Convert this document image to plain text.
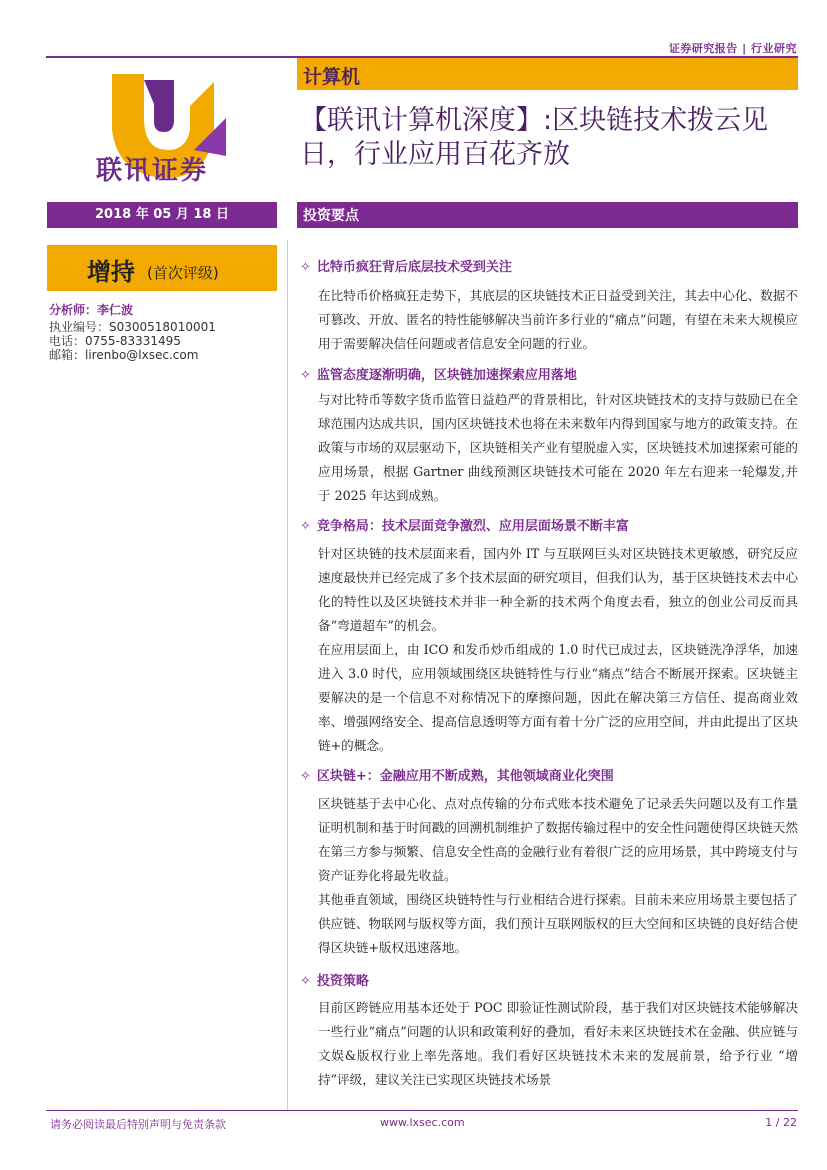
证券研究报告 | 行业研究
联讯证券
计算机
【联讯计算机深度】:区块链技术拨云见日，行业应用百花齐放
2018 年 05 月 18 日	投资要点
增持 (首次评级)
分析师：李仁波
执业编号：S0300518010001
电话：0755-83331495
邮箱：lirenbo@lxsec.com
✧ 比特币疯狂背后底层技术受到关注
在比特币价格疯狂走势下，其底层的区块链技术正日益受到关注，其去中心化、数据不可篡改、开放、匿名的特性能够解决当前许多行业的“痛点“问题，有望在未来大规模应用于需要解决信任问题或者信息安全问题的行业。
✧ 监管态度逐渐明确，区块链加速探索应用落地
与对比特币等数字货币监管日益趋严的背景相比，针对区块链技术的支持与鼓励已在全球范围内达成共识，国内区块链技术也将在未来数年内得到国家与地方的政策支持。在政策与市场的双层驱动下，区块链相关产业有望脱虚入实，区块链技术加速探索可能的应用场景，根据 Gartner 曲线预测区块链技术可能在 2020 年左右迎来一轮爆发,并于 2025 年达到成熟。
✧ 竞争格局：技术层面竞争激烈、应用层面场景不断丰富
针对区块链的技术层面来看，国内外 IT 与互联网巨头对区块链技术更敏感，研究反应速度最快并已经完成了多个技术层面的研究项目，但我们认为，基于区块链技术去中心化的特性以及区块链技术并非一种全新的技术两个角度去看，独立的创业公司反而具备“弯道超车”的机会。
在应用层面上，由 ICO 和发币炒币组成的 1.0 时代已成过去，区块链洗净浮华，加速进入 3.0 时代，应用领域围绕区块链特性与行业“痛点”结合不断展开探索。区块链主要解决的是一个信息不对称情况下的摩擦问题，因此在解决第三方信任、提高商业效率、增强网络安全、提高信息透明等方面有着十分广泛的应用空间，并由此提出了区块链+的概念。
✧ 区块链+：金融应用不断成熟，其他领域商业化突围
区块链基于去中心化、点对点传输的分布式账本技术避免了记录丢失问题以及有工作量证明机制和基于时间戳的回溯机制维护了数据传输过程中的安全性问题使得区块链天然在第三方参与频繁、信息安全性高的金融行业有着很广泛的应用场景，其中跨境支付与资产证券化将最先收益。
其他垂直领域，围绕区块链特性与行业相结合进行探索。目前未来应用场景主要包括了供应链、物联网与版权等方面，我们预计互联网版权的巨大空间和区块链的良好结合使得区块链+版权迅速落地。
✧ 投资策略
目前区跨链应用基本还处于 POC 即验证性测试阶段，基于我们对区块链技术能够解决一些行业“痛点”问题的认识和政策利好的叠加，看好未来区块链技术在金融、供应链与文娱&版权行业上率先落地。我们看好区块链技术未来的发展前景，给予行业 “增持”评级，建议关注已实现区块链技术场景
请务必阅读最后特别声明与免责条款	www.lxsec.com	1 / 22
